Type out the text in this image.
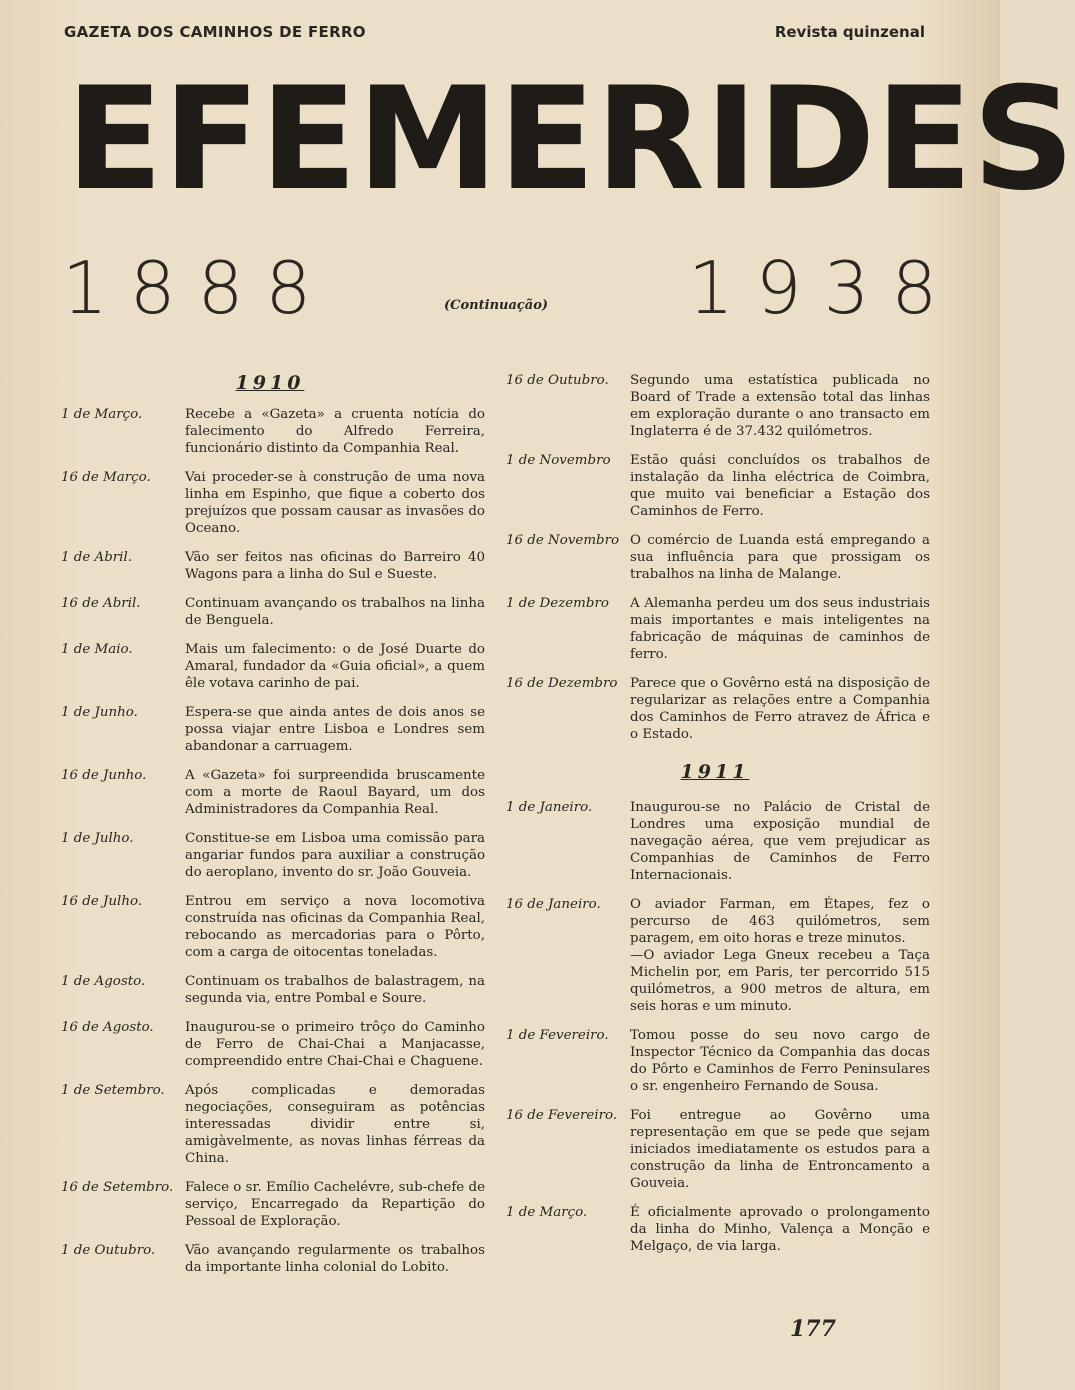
GAZETA DOS CAMINHOS DE FERRO	Revista quinzenal
E F E M E R I D E S
1888	(Continuação) 1938
1910
1 de Março.	Recebe a «Gazeta» a cruenta notícia do falecimento do Alfredo Ferreira, funcionário distinto da Companhia Real.

16 de Março.	Vai proceder-se à construção de uma nova linha em Espinho, que fique a coberto dos prejuízos que possam causar as invasões do Oceano.

1 de Abril.	Vão ser feitos nas oficinas do Barreiro 40 Wagons para a linha do Sul e Sueste.

16 de Abril.	Continuam avançando os trabalhos na linha de Benguela.

1 de Maio.	Mais um falecimento: o de José Duarte do Amaral, fundador da «Guia oficial», a quem êle votava carinho de pai.

1 de Junho.	Espera-se que ainda antes de dois anos se possa viajar entre Lisboa e Londres sem abandonar a carruagem.

16 de Junho.	A «Gazeta» foi surpreendida bruscamente com a morte de Raoul Bayard, um dos Administradores da Companhia Real.

1 de Julho.	Constitue-se em Lisboa uma comissão para angariar fundos para auxiliar a construção do aeroplano, invento do sr. João Gouveia.

16 de Julho.	Entrou em serviço a nova locomotiva construída nas oficinas da Companhia Real, rebocando as mercadorias para o Pôrto, com a carga de oitocentas toneladas.

1 de Agosto.	Continuam os trabalhos de balastragem, na segunda via, entre Pombal e Soure.

16 de Agosto.	Inaugurou-se o primeiro trôço do Caminho de Ferro de Chai-Chai a Manjacasse, compreendido entre Chai-Chai e Chaguene.

1 de Setembro.	Após complicadas e demoradas negociações, conseguiram as potências interessadas dividir entre si, amigàvelmente, as novas linhas férreas da China.

16 de Setembro. Falece o sr. Emílio Cachelévre, sub-chefe de serviço, Encarregado da Repartição do Pessoal de Exploração.

1 de Outubro.	Vão avançando regularmente os trabalhos da importante linha colonial do Lobito.

16 de Outubro.	Segundo uma estatística publicada no Board of Trade a extensão total das linhas em exploração durante o ano transacto em Inglaterra é de 37.432 quilómetros.

1 de Novembro	Estão quási concluídos os trabalhos de instalação da linha eléctrica de Coimbra, que muito vai beneficiar a Estação dos Caminhos de Ferro.

16 de Novembro O comércio de Luanda está empregando a sua influência para que prossigam os trabalhos na linha de Malange.

1 de Dezembro	A Alemanha perdeu um dos seus industriais mais importantes e mais inteligentes na fabricação de máquinas de caminhos de ferro.

16 de Dezembro Parece que o Govêrno está na disposição de regularizar as relações entre a Companhia dos Caminhos de Ferro atravez de África e o Estado.

1911
1 de Janeiro.	Inaugurou-se no Palácio de Cristal de Londres uma exposição mundial de navegação aérea, que vem prejudicar as Companhias de Caminhos de Ferro Internacionais.

16 de Janeiro.	O aviador Farman, em Étapes, fez o percurso de 463 quilómetros, sem paragem, em oito horas e treze minutos.

—O aviador Lega Gneux recebeu a Taça Michelin por, em Paris, ter percorrido 515 quilómetros, a 900 metros de altura, em seis horas e um minuto.

1 de Fevereiro.	Tomou posse do seu novo cargo de Inspector Técnico da Companhia das docas do Pôrto e Caminhos de Ferro Peninsulares o sr. engenheiro Fernando de Sousa.

16 de Fevereiro. Foi entregue ao Govêrno uma representação em que se pede que sejam iniciados imediatamente os estudos para a construção da linha de Entroncamento a Gouveia.

1 de Março.	É oficialmente aprovado o prolongamento da linha do Minho, Valença a Monção e Melgaço, de via larga.

177
